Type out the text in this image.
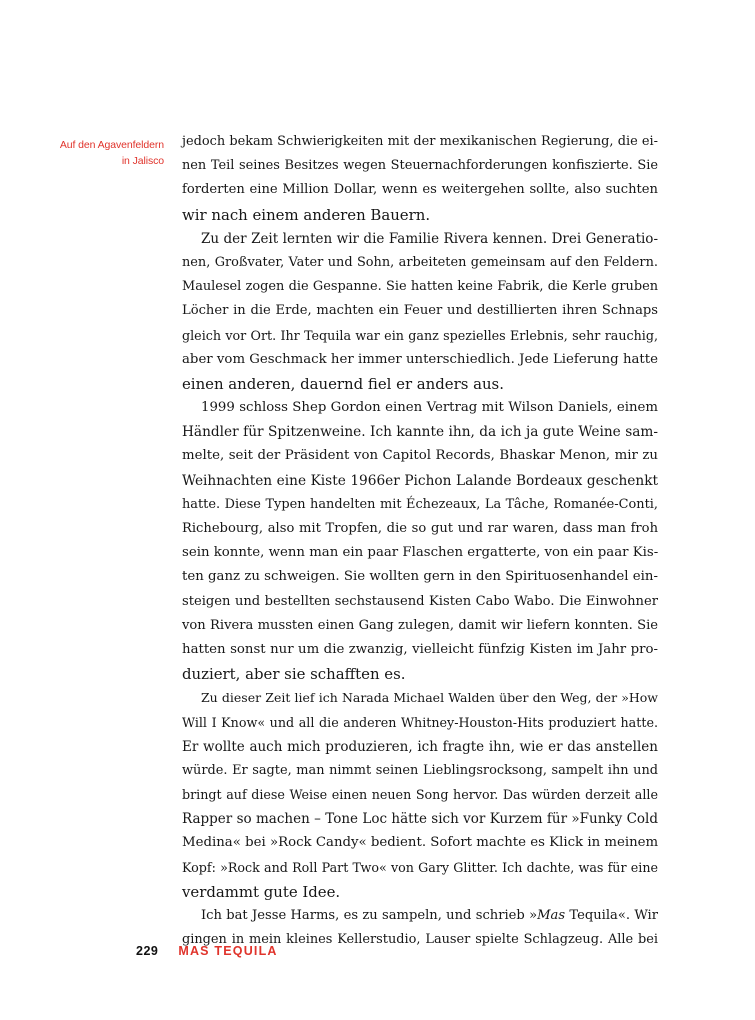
Auf den Agavenfeldern
in Jalisco
jedoch bekam Schwierigkeiten mit der mexikanischen Regierung, die ei-
nen Teil seines Besitzes wegen Steuernachforderungen konfiszierte. Sie
forderten eine Million Dollar, wenn es weitergehen sollte, also suchten
wir nach einem anderen Bauern.
Zu der Zeit lernten wir die Familie Rivera kennen. Drei Generatio-
nen, Großvater, Vater und Sohn, arbeiteten gemeinsam auf den Feldern.
Maulesel zogen die Gespanne. Sie hatten keine Fabrik, die Kerle gruben
Löcher in die Erde, machten ein Feuer und destillierten ihren Schnaps
gleich vor Ort. Ihr Tequila war ein ganz spezielles Erlebnis, sehr rauchig,
aber vom Geschmack her immer unterschiedlich. Jede Lieferung hatte
einen anderen, dauernd fiel er anders aus.
1999 schloss Shep Gordon einen Vertrag mit Wilson Daniels, einem
Händler für Spitzenweine. Ich kannte ihn, da ich ja gute Weine sam-
melte, seit der Präsident von Capitol Records, Bhaskar Menon, mir zu
Weihnachten eine Kiste 1966er Pichon Lalande Bordeaux geschenkt
hatte. Diese Typen handelten mit Échezeaux, La Tâche, Romanée-Conti,
Richebourg, also mit Tropfen, die so gut und rar waren, dass man froh
sein konnte, wenn man ein paar Flaschen ergatterte, von ein paar Kis-
ten ganz zu schweigen. Sie wollten gern in den Spirituosenhandel ein-
steigen und bestellten sechstausend Kisten Cabo Wabo. Die Einwohner
von Rivera mussten einen Gang zulegen, damit wir liefern konnten. Sie
hatten sonst nur um die zwanzig, vielleicht fünfzig Kisten im Jahr pro-
duziert, aber sie schafften es.
Zu dieser Zeit lief ich Narada Michael Walden über den Weg, der »How
Will I Know« und all die anderen Whitney-Houston-Hits produziert hatte.
Er wollte auch mich produzieren, ich fragte ihn, wie er das anstellen
würde. Er sagte, man nimmt seinen Lieblingsrocksong, sampelt ihn und
bringt auf diese Weise einen neuen Song hervor. Das würden derzeit alle
Rapper so machen – Tone Loc hätte sich vor Kurzem für »Funky Cold
Medina« bei »Rock Candy« bedient. Sofort machte es Klick in meinem
Kopf: »Rock and Roll Part Two« von Gary Glitter. Ich dachte, was für eine
verdammt gute Idee.
Ich bat Jesse Harms, es zu sampeln, und schrieb »Mas Tequila«. Wir
gingen in mein kleines Kellerstudio, Lauser spielte Schlagzeug. Alle bei
229 MAS TEQUILA
